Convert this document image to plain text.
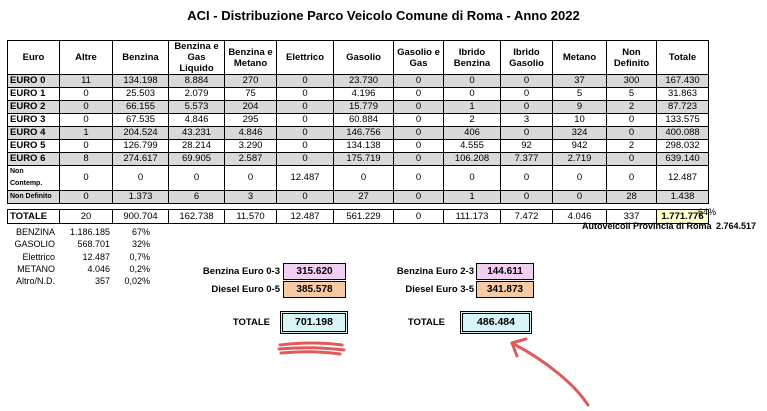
ACI - Distribuzione Parco Veicolo Comune di Roma - Anno 2022
Euro	Altre	Benzina	Benzina e Gas Liquido	Benzina e Metano	Elettrico	Gasolio	Gasolio e Gas	Ibrido Benzina	Ibrido Gasolio	Metano	Non Definito	Totale
EURO 0	11	134.198	8.884	270	0	23.730	0	0	0	37	300	167.430
EURO 1	0	25.503	2.079	75	0	4.196	0	0	0	5	5	31.863
EURO 2	0	66.155	5.573	204	0	15.779	0	1	0	9	2	87.723
EURO 3	0	67.535	4.846	295	0	60.884	0	2	3	10	0	133.575
EURO 4	1	204.524	43.231	4.846	0	146.756	0	406	0	324	0	400.088
EURO 5	0	126.799	28.214	3.290	0	134.138	0	4.555	92	942	2	298.032
EURO 6	8	274.617	69.905	2.587	0	175.719	0	106.208	7.377	2.719	0	639.140
Non Contemp.	0	0	0	0	12.487	0	0	0	0	0	0	12.487
Non Definito	0	1.373	6	3	0	27	0	1	0	0	28	1.438

TOTALE	20	900.704	162.738	11.570	12.487	561.229	0	111.173	7.472	4.046	337	1.771.776
64%
Autoveicoli Provincia di Roma 2.764.517
BENZINA	1.186.185	67%
GASOLIO	568.701	32%
Elettrico	12.487	0,7%
METANO	4.046	0,2%
Altro/N.D.	357	0,02%
Benzina Euro 0-3	315.620
Diesel Euro 0-5	385.578
TOTALE	701.198
Benzina Euro 2-3	144.611
Diesel Euro 3-5	341.873
TOTALE	486.484
